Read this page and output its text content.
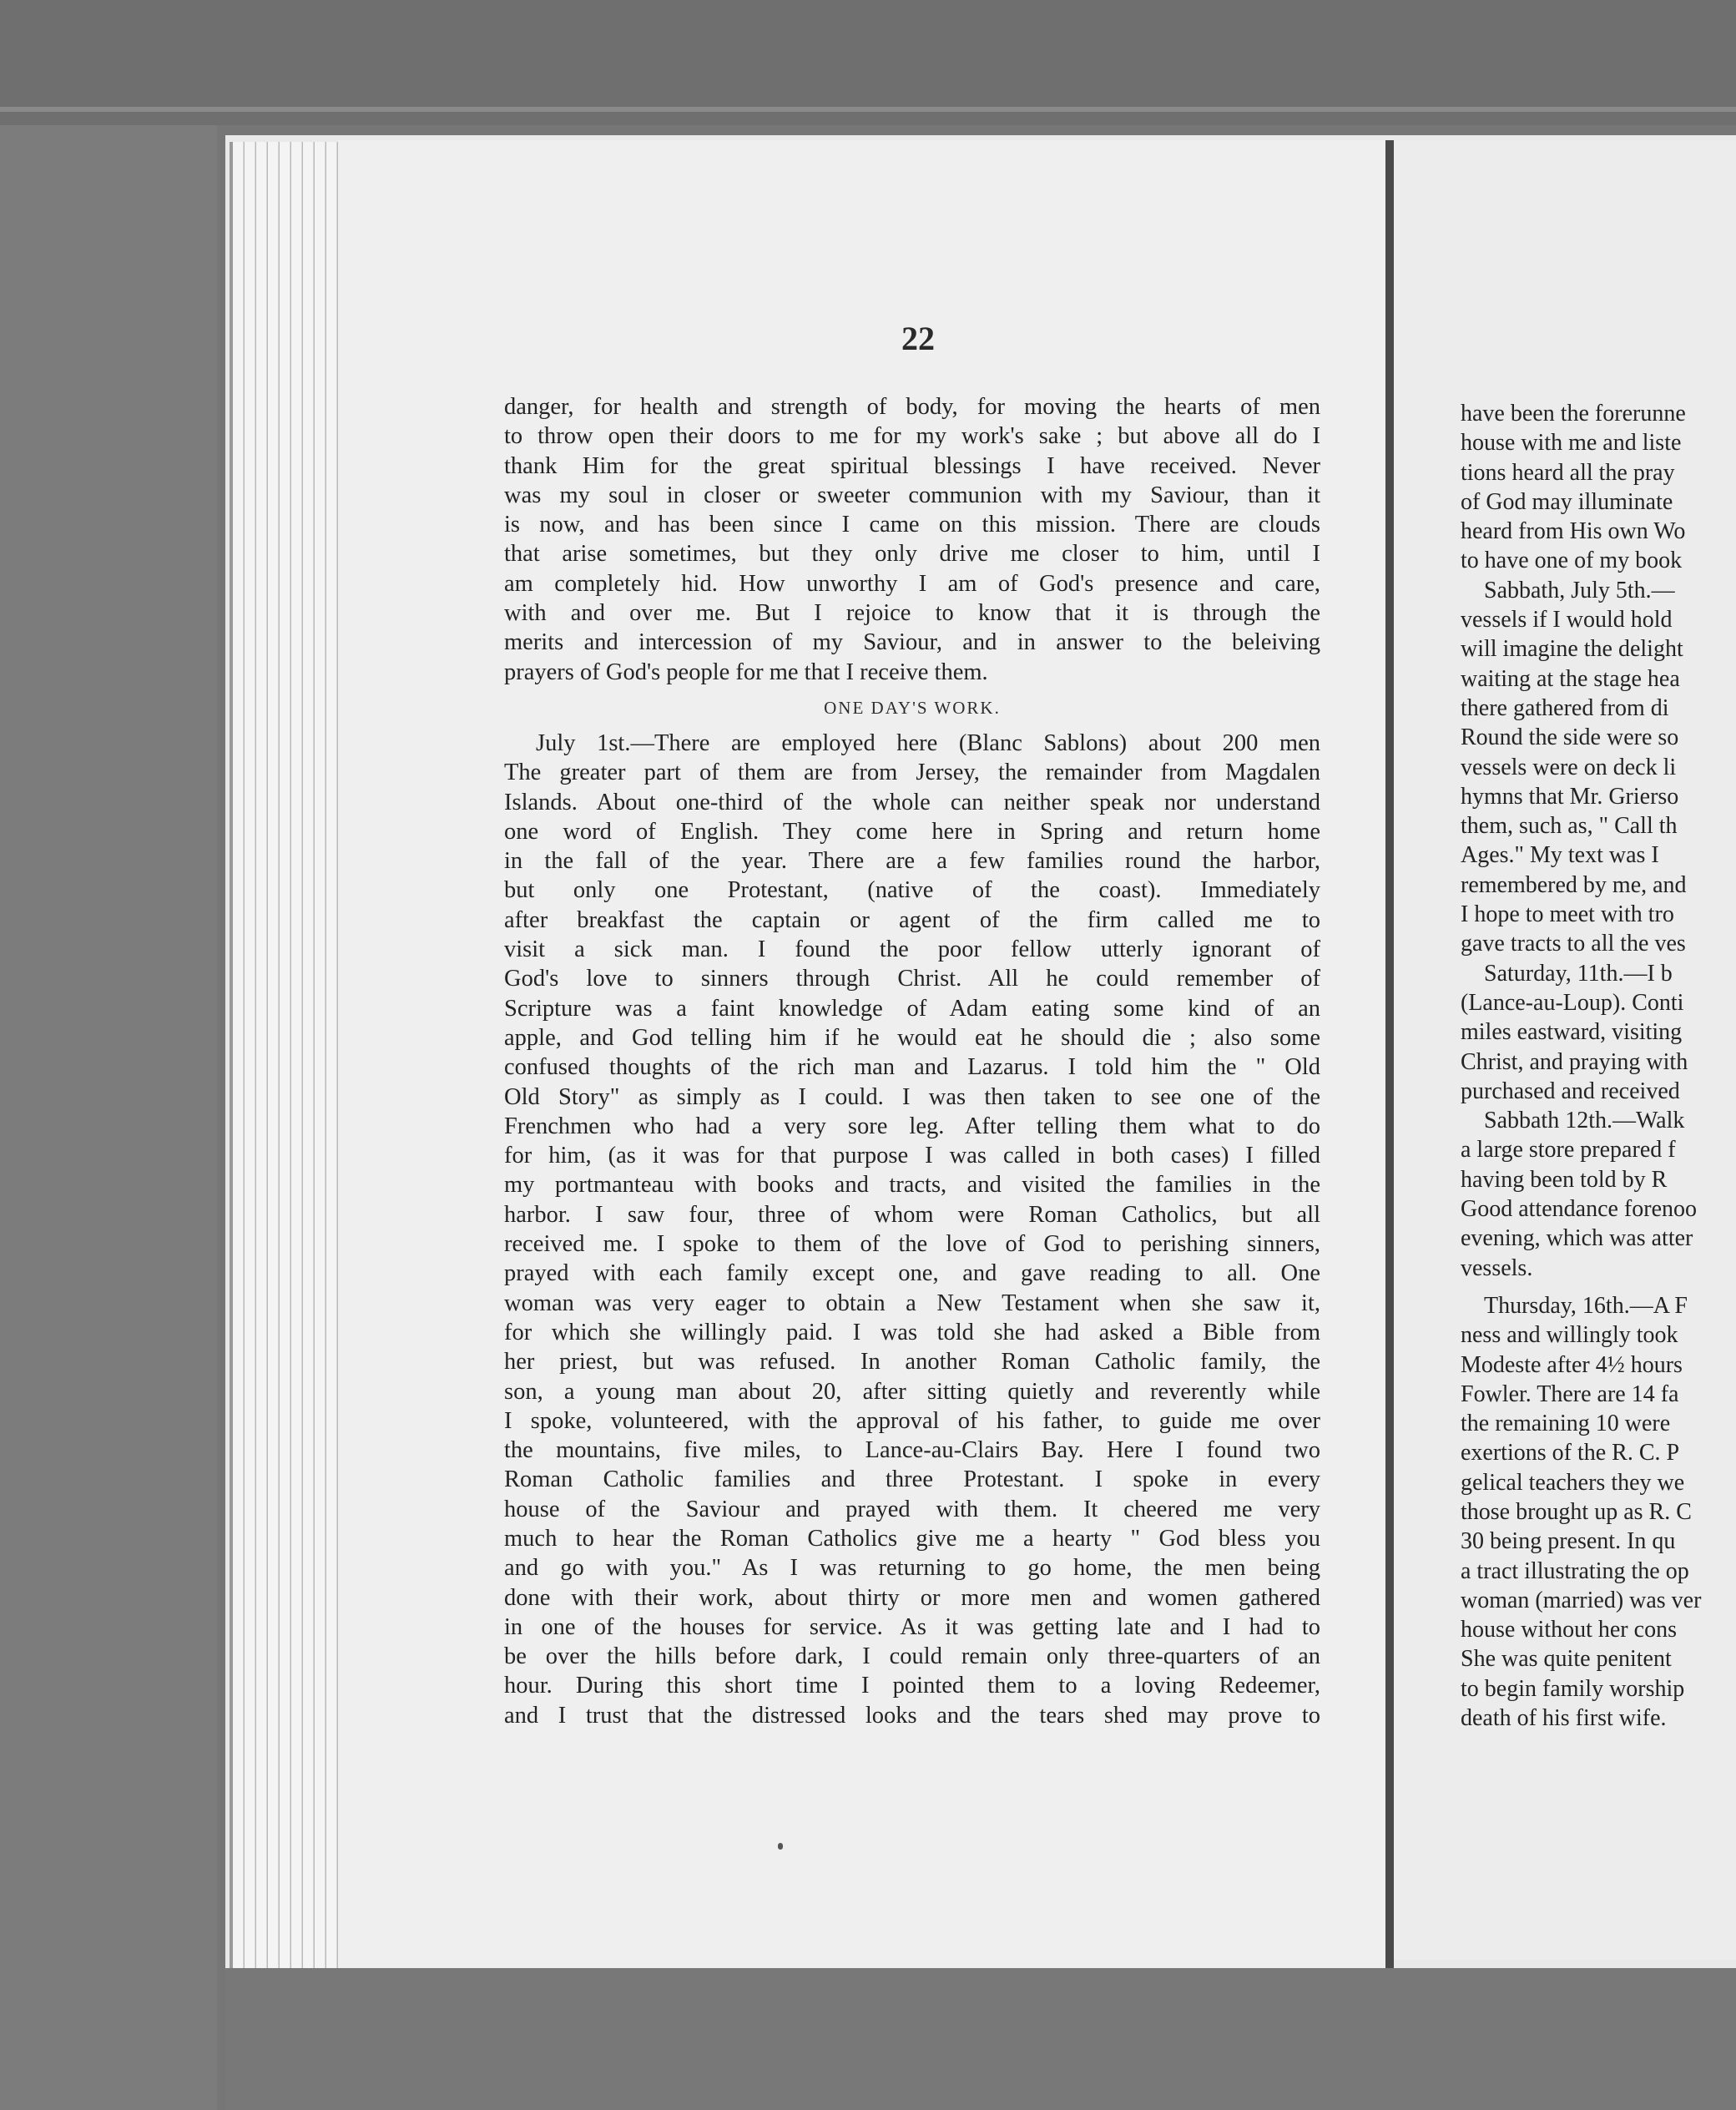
22
danger, for health and strength of body, for moving the hearts of men
to throw open their doors to me for my work's sake ; but above all do I
thank Him for the great spiritual blessings I have received. Never
was my soul in closer or sweeter communion with my Saviour, than it
is now, and has been since I came on this mission. There are clouds
that arise sometimes, but they only drive me closer to him, until I
am completely hid. How unworthy I am of God's presence and care,
with and over me. But I rejoice to know that it is through the
merits and intercession of my Saviour, and in answer to the beleiving
prayers of God's people for me that I receive them.
ONE DAY'S WORK.
July 1st.—There are employed here (Blanc Sablons) about 200 men
The greater part of them are from Jersey, the remainder from Magdalen
Islands. About one-third of the whole can neither speak nor understand
one word of English. They come here in Spring and return home
in the fall of the year. There are a few families round the harbor,
but only one Protestant, (native of the coast). Immediately
after breakfast the captain or agent of the firm called me to
visit a sick man. I found the poor fellow utterly ignorant of
God's love to sinners through Christ. All he could remember of
Scripture was a faint knowledge of Adam eating some kind of an
apple, and God telling him if he would eat he should die ; also some
confused thoughts of the rich man and Lazarus. I told him the " Old
Old Story" as simply as I could. I was then taken to see one of the
Frenchmen who had a very sore leg. After telling them what to do
for him, (as it was for that purpose I was called in both cases) I filled
my portmanteau with books and tracts, and visited the families in the
harbor. I saw four, three of whom were Roman Catholics, but all
received me. I spoke to them of the love of God to perishing sinners,
prayed with each family except one, and gave reading to all. One
woman was very eager to obtain a New Testament when she saw it,
for which she willingly paid. I was told she had asked a Bible from
her priest, but was refused. In another Roman Catholic family, the
son, a young man about 20, after sitting quietly and reverently while
I spoke, volunteered, with the approval of his father, to guide me over
the mountains, five miles, to Lance-au-Clairs Bay. Here I found two
Roman Catholic families and three Protestant. I spoke in every
house of the Saviour and prayed with them. It cheered me very
much to hear the Roman Catholics give me a hearty " God bless you
and go with you." As I was returning to go home, the men being
done with their work, about thirty or more men and women gathered
in one of the houses for service. As it was getting late and I had to
be over the hills before dark, I could remain only three-quarters of an
hour. During this short time I pointed them to a loving Redeemer,
and I trust that the distressed looks and the tears shed may prove to
have been the forerunne
house with me and liste
tions heard all the pray
of God may illuminate
heard from His own Wo
to have one of my book
Sabbath, July 5th.—
vessels if I would hold
will imagine the delight
waiting at the stage hea
there gathered from di
Round the side were so
vessels were on deck li
hymns that Mr. Grierso
them, such as, " Call th
Ages." My text was I
remembered by me, and
I hope to meet with tro
gave tracts to all the ves
Saturday, 11th.—I b
(Lance-au-Loup). Conti
miles eastward, visiting
Christ, and praying with
purchased and received
Sabbath 12th.—Walk
a large store prepared f
having been told by R
Good attendance forenoo
evening, which was atter
vessels.
Thursday, 16th.—A F
ness and willingly took
Modeste after 4½ hours
Fowler. There are 14 fa
the remaining 10 were
exertions of the R. C. P
gelical teachers they we
those brought up as R. C
30 being present. In qu
a tract illustrating the op
woman (married) was ver
house without her cons
She was quite penitent
to begin family worship
death of his first wife.
